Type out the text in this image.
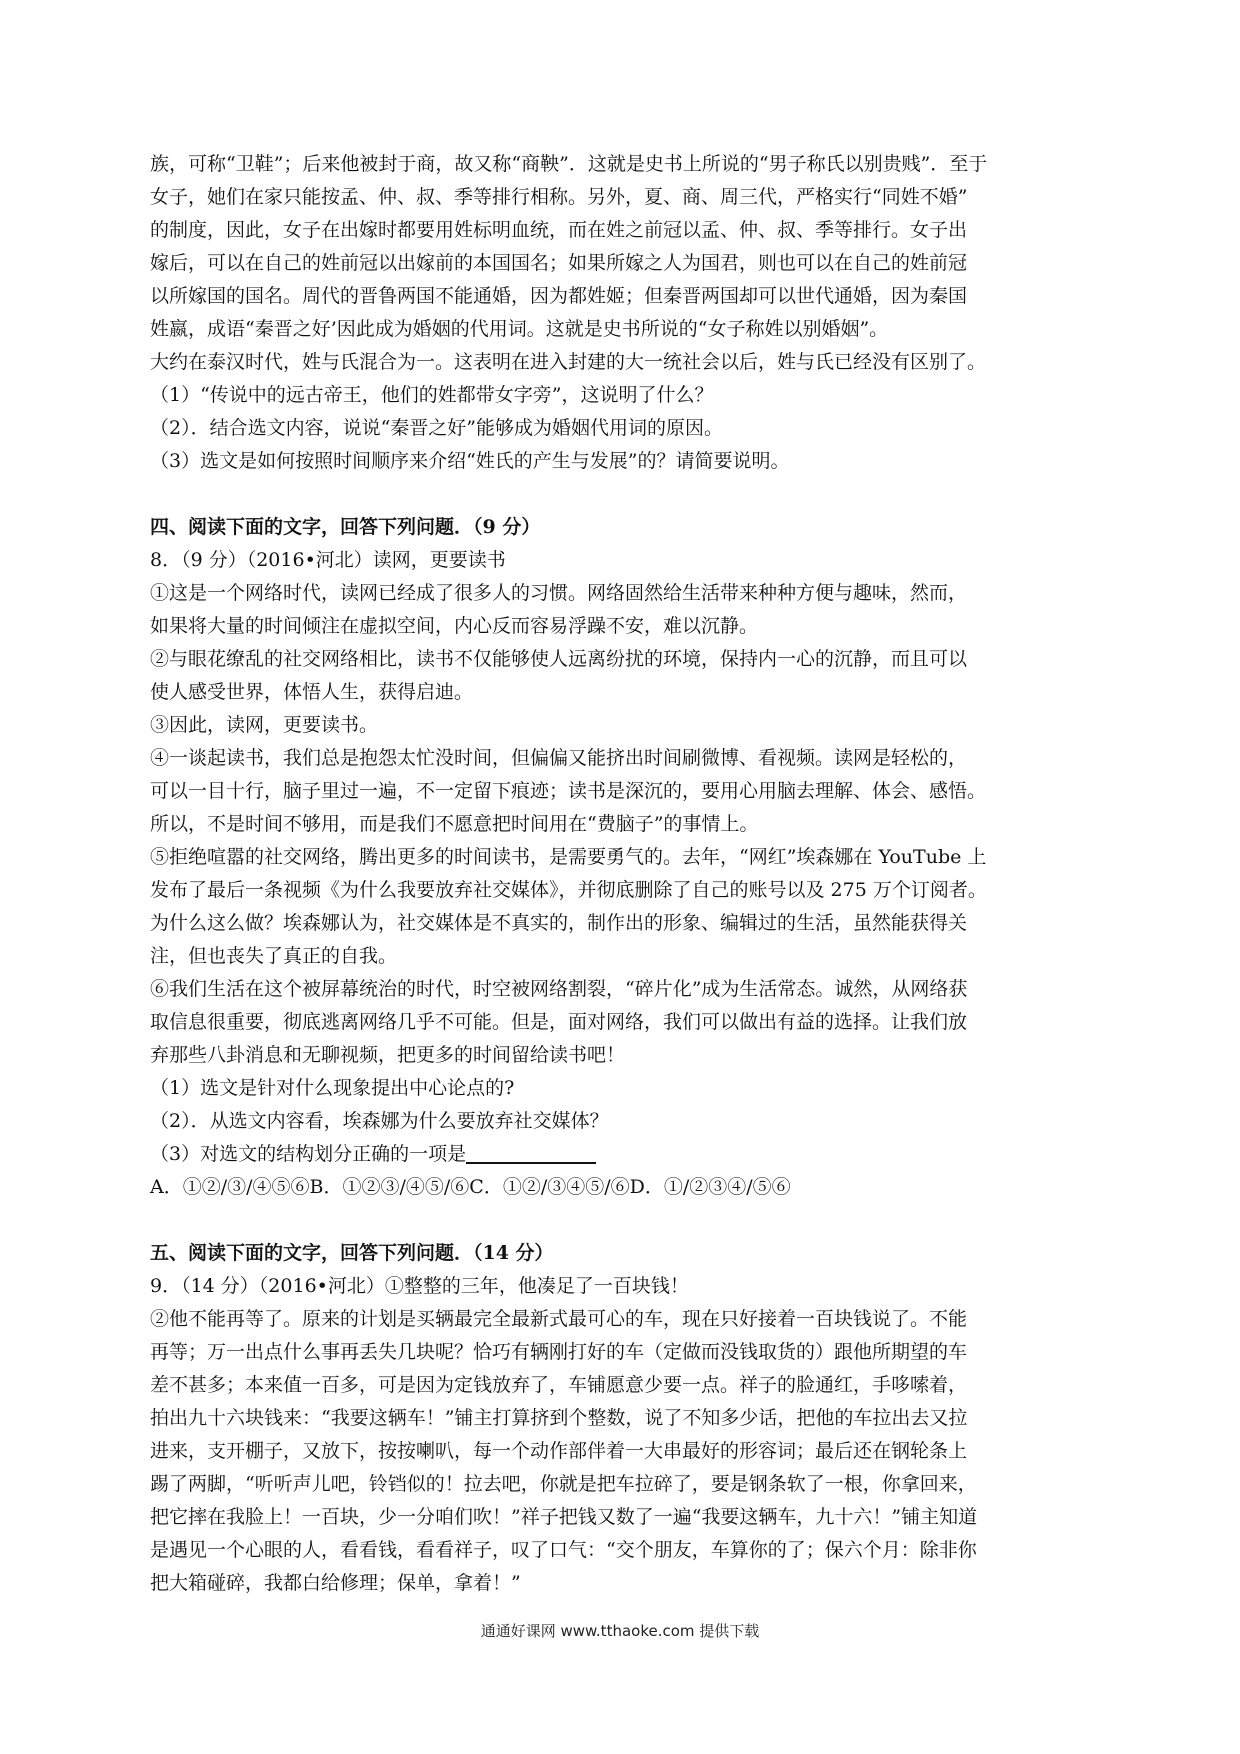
族，可称“卫鞋”；后来他被封于商，故又称“商鞅”．这就是史书上所说的“男子称氏以别贵贱”．至于

女子，她们在家只能按孟、仲、叔、季等排行相称。另外，夏、商、周三代，严格实行“同姓不婚”

的制度，因此，女子在出嫁时都要用姓标明血统，而在姓之前冠以孟、仲、叔、季等排行。女子出

嫁后，可以在自己的姓前冠以出嫁前的本国国名；如果所嫁之人为国君，则也可以在自己的姓前冠

以所嫁国的国名。周代的晋鲁两国不能通婚，因为都姓姬；但秦晋两国却可以世代通婚，因为秦国

姓嬴，成语“秦晋之好’因此成为婚姻的代用词。这就是史书所说的“女子称姓以别婚姻”。

大约在泰汉时代，姓与氏混合为一。这表明在进入封建的大一统社会以后，姓与氏已经没有区别了。

（1）“传说中的远古帝王，他们的姓都带女字旁”，这说明了什么？

（2）．结合选文内容，说说“秦晋之好”能够成为婚姻代用词的原因。

（3）选文是如何按照时间顺序来介绍“姓氏的产生与发展”的？请简要说明。

四、阅读下面的文字，回答下列问题．（9 分）

8．（9 分）（2016•河北）读网，更要读书

①这是一个网络时代，读网已经成了很多人的习惯。网络固然给生活带来种种方便与趣味，然而，

如果将大量的时间倾注在虚拟空间，内心反而容易浮躁不安，难以沉静。

②与眼花缭乱的社交网络相比，读书不仅能够使人远离纷扰的环境，保持内一心的沉静，而且可以

使人感受世界，体悟人生，获得启迪。

③因此，读网，更要读书。

④一谈起读书，我们总是抱怨太忙没时间，但偏偏又能挤出时间刷微博、看视频。读网是轻松的，

可以一目十行，脑子里过一遍，不一定留下痕迹；读书是深沉的，要用心用脑去理解、体会、感悟。

所以，不是时间不够用，而是我们不愿意把时间用在“费脑子”的事情上。

⑤拒绝喧嚣的社交网络，腾出更多的时间读书，是需要勇气的。去年，“网红”埃森娜在 YouTube 上

发布了最后一条视频《为什么我要放弃社交媒体》，并彻底删除了自己的账号以及 275 万个订阅者。

为什么这么做？埃森娜认为，社交媒体是不真实的，制作出的形象、编辑过的生活，虽然能获得关

注，但也丧失了真正的自我。

⑥我们生活在这个被屏幕统治的时代，时空被网络割裂，“碎片化”成为生活常态。诚然，从网络获

取信息很重要，彻底逃离网络几乎不可能。但是，面对网络，我们可以做出有益的选择。让我们放

弃那些八卦消息和无聊视频，把更多的时间留给读书吧！

（1）选文是针对什么现象提出中心论点的?

（2）．从选文内容看，埃森娜为什么要放弃社交媒体？

（3）对选文的结构划分正确的一项是

A．①②/③/④⑤⑥B．①②③/④⑤/⑥C．①②/③④⑤/⑥D．①/②③④/⑤⑥

五、阅读下面的文字，回答下列问题．（14 分）

9．（14 分）（2016•河北）①整整的三年，他凑足了一百块钱！

②他不能再等了。原来的计划是买辆最完全最新式最可心的车，现在只好接着一百块钱说了。不能

再等；万一出点什么事再丢失几块呢？恰巧有辆刚打好的车（定做而没钱取货的）跟他所期望的车

差不甚多；本来值一百多，可是因为定钱放弃了，车铺愿意少要一点。祥子的脸通红，手哆嗦着，

拍出九十六块钱来：“我要这辆车！”铺主打算挤到个整数，说了不知多少话，把他的车拉出去又拉

进来，支开棚子，又放下，按按喇叭，每一个动作部伴着一大串最好的形容词；最后还在钢轮条上

踢了两脚，“听听声儿吧，铃铛似的！拉去吧，你就是把车拉碎了，要是钢条软了一根，你拿回来，

把它摔在我脸上！一百块，少一分咱们吹！”祥子把钱又数了一遍“我要这辆车，九十六！”铺主知道

是遇见一个心眼的人，看看钱，看看祥子，叹了口气：“交个朋友，车算你的了；保六个月：除非你

把大箱碰碎，我都白给修理；保单，拿着！”

通通好课网 www.tthaoke.com 提供下载
